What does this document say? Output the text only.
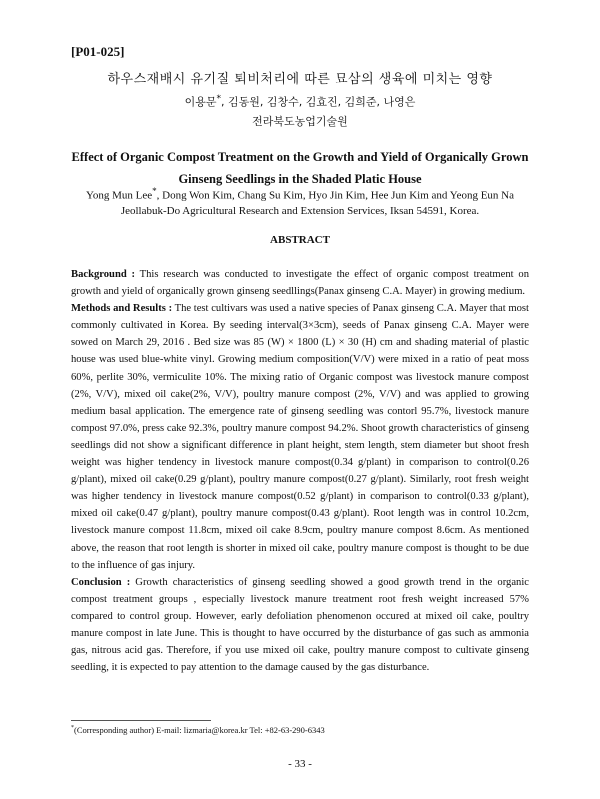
[P01-025]
하우스재배시 유기질 퇴비처리에 따른 묘삼의 생육에 미치는 영향
이용문*, 김동원, 김창수, 김효진, 김희준, 나영은
전라북도농업기술원
Effect of Organic Compost Treatment on the Growth and Yield of Organically Grown
Ginseng Seedlings in the Shaded Platic House
Yong Mun Lee*, Dong Won Kim, Chang Su Kim, Hyo Jin Kim, Hee Jun Kim and Yeong Eun Na
Jeollabuk-Do Agricultural Research and Extension Services, Iksan 54591, Korea.
ABSTRACT

Background : This research was conducted to investigate the effect of organic compost treatment on growth and yield of organically grown ginseng seedllings(Panax ginseng C.A. Mayer) in growing medium.

Methods and Results : The test cultivars was used a native species of Panax ginseng C.A. Mayer that most commonly cultivated in Korea. By seeding interval(3×3cm), seeds of Panax ginseng C.A. Mayer were sowed on March 29, 2016 . Bed size was 85 (W) × 1800 (L) × 30 (H) cm and shading material of plastic house was used blue-white vinyl. Growing medium composition(V/V) were mixed in a ratio of peat moss 60%, perlite 30%, vermiculite 10%. The mixing ratio of Organic compost was livestock manure compost (2%, V/V), mixed oil cake(2%, V/V), poultry manure compost (2%, V/V) and was applied to growing medium basal application. The emergence rate of ginseng seedling was contorl 95.7%, livestock manure compost 97.0%, press cake 92.3%, poultry manure compost 94.2%. Shoot growth characteristics of ginseng seedlings did not show a significant difference in plant height, stem length, stem diameter but shoot fresh weight was higher tendency in livestock manure compost(0.34 g/plant) in comparison to control(0.26 g/plant), mixed oil cake(0.29 g/plant), poultry manure compost(0.27 g/plant). Similarly, root fresh weight was higher tendency in livestock manure compost(0.52 g/plant) in comparison to control(0.33 g/plant), mixed oil cake(0.47 g/plant), poultry manure compost(0.43 g/plant). Root length was in control 10.2cm, livestock manure compost 11.8cm, mixed oil cake 8.9cm, poultry manure compost 8.6cm. As mentioned above, the reason that root length is shorter in mixed oil cake, poultry manure compost is thought to be due to the influence of gas injury.

Conclusion : Growth characteristics of ginseng seedling showed a good growth trend in the organic compost treatment groups , especially livestock manure treatment root fresh weight increased 57% compared to control group. However, early defoliation phenomenon occured at mixed oil cake, poultry manure compost in late June. This is thought to have occurred by the disturbance of gas such as ammonia gas, nitrous acid gas. Therefore, if you use mixed oil cake, poultry manure compost to cultivate ginseng seedling, it is expected to pay attention to the damage caused by the gas disturbance.

*(Corresponding author) E-mail: lizmaria@korea.kr Tel: +82-63-290-6343
- 33 -
